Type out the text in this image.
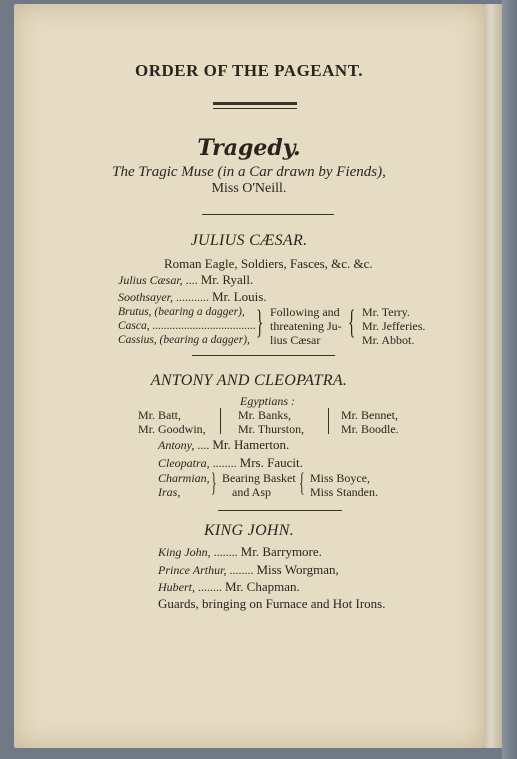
ORDER OF THE PAGEANT.
Tragedy.
The Tragic Muse (in a Car drawn by Fiends),
Miss O'Neill.
JULIUS CÆSAR.
Roman Eagle, Soldiers, Fasces, &c. &c.
Julius Cæsar, .... Mr. Ryall.
Soothsayer, ........... Mr. Louis.
Brutus, (bearing a dagger),
Casca, ....................................
Cassius, (bearing a dagger), } Following and
threatening Ju-
lius Cæsar { Mr. Terry.
Mr. Jefferies.
Mr. Abbot.
ANTONY AND CLEOPATRA.
Egyptians :
Mr. Batt,
Mr. Goodwin,
Mr. Banks,
Mr. Thurston,
Mr. Bennet,
Mr. Boodle.
Antony, .... Mr. Hamerton.
Cleopatra, ........ Mrs. Faucit.
Charmian,
Iras,	} Bearing Basket
and Asp	{ Miss Boyce,
Miss Standen.
KING JOHN.
King John, ........ Mr. Barrymore.
Prince Arthur, ........ Miss Worgman,
Hubert, ........ Mr. Chapman.
Guards, bringing on Furnace and Hot Irons.
